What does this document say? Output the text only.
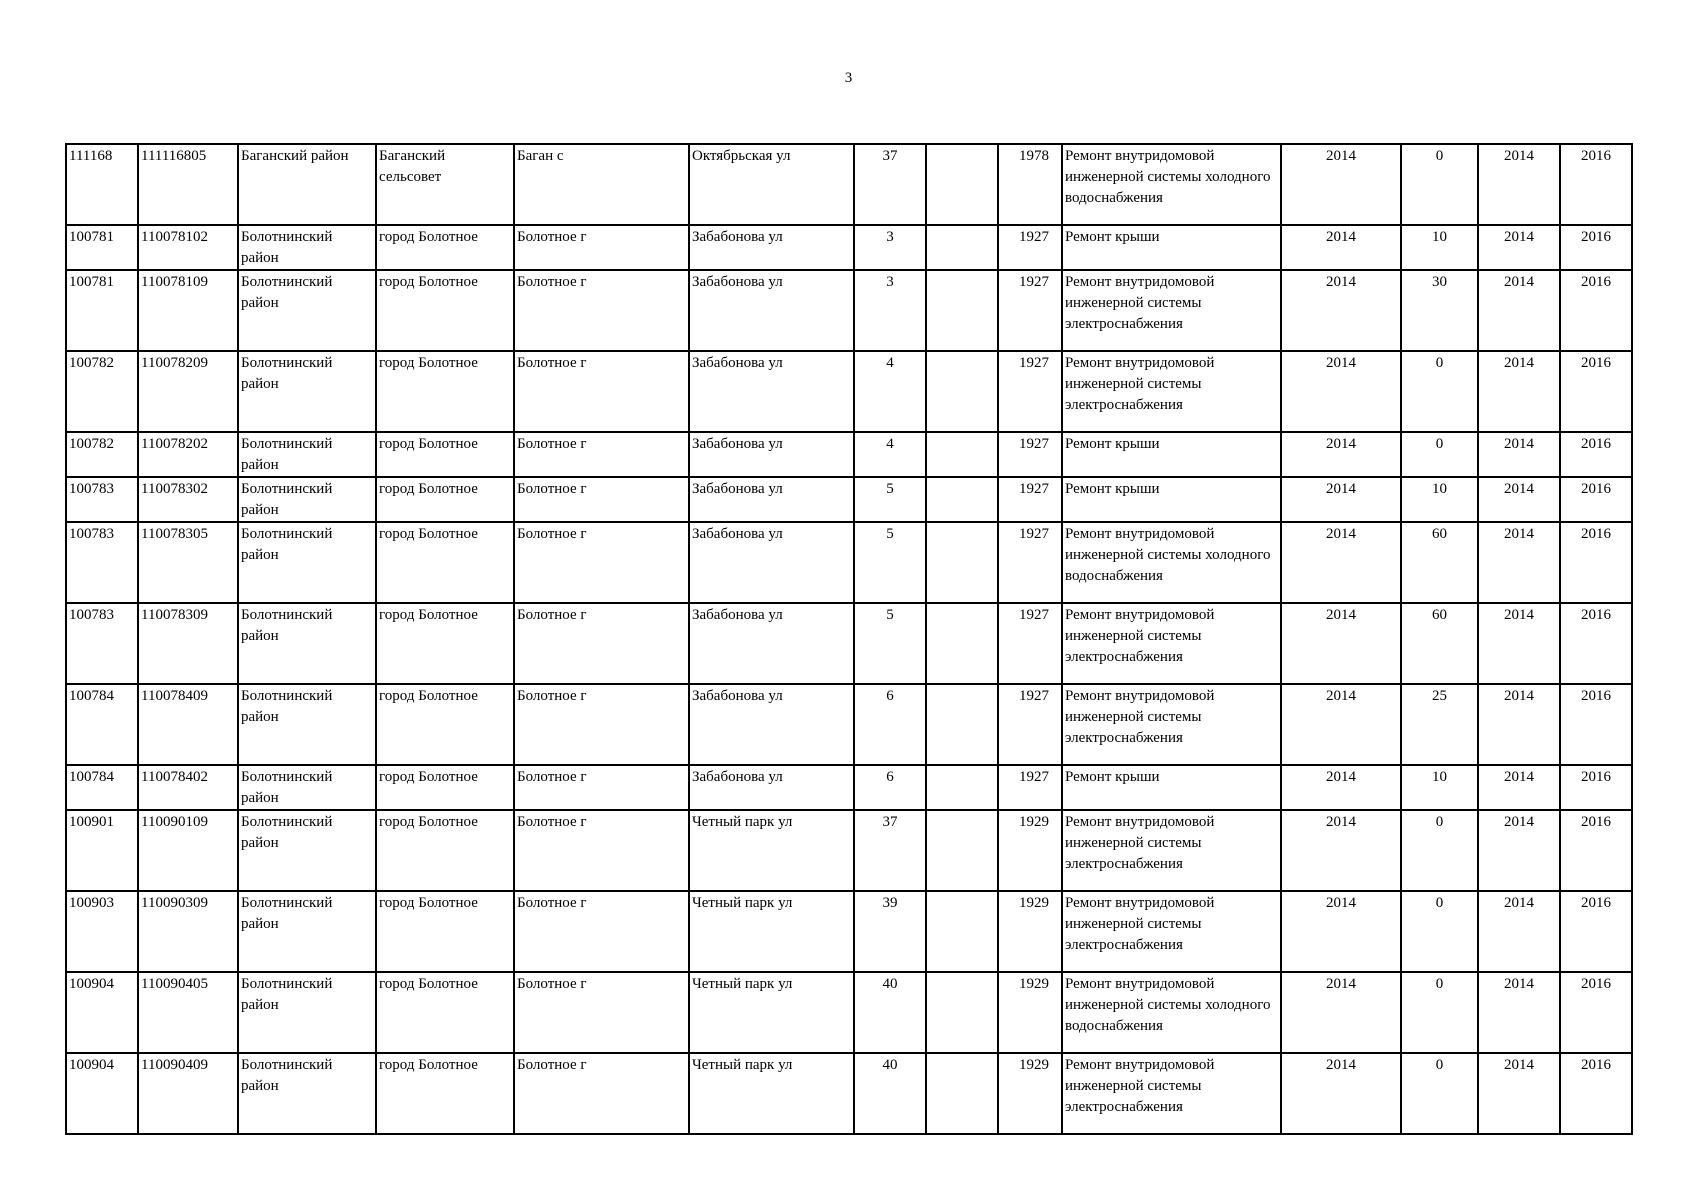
3
111168	111116805	Баганский район	Баганский сельсовет	Баган с	Октябрьская ул	37		1978	Ремонт внутридомовой инженерной системы холодного водоснабжения	2014	0	2014	2016
100781	110078102	Болотнинский район	город Болотное	Болотное г	Забабонова ул	3		1927	Ремонт крыши	2014	10	2014	2016
100781	110078109	Болотнинский район	город Болотное	Болотное г	Забабонова ул	3		1927	Ремонт внутридомовой инженерной системы электроснабжения	2014	30	2014	2016
100782	110078209	Болотнинский район	город Болотное	Болотное г	Забабонова ул	4		1927	Ремонт внутридомовой инженерной системы электроснабжения	2014	0	2014	2016
100782	110078202	Болотнинский район	город Болотное	Болотное г	Забабонова ул	4		1927	Ремонт крыши	2014	0	2014	2016
100783	110078302	Болотнинский район	город Болотное	Болотное г	Забабонова ул	5		1927	Ремонт крыши	2014	10	2014	2016
100783	110078305	Болотнинский район	город Болотное	Болотное г	Забабонова ул	5		1927	Ремонт внутридомовой инженерной системы холодного водоснабжения	2014	60	2014	2016
100783	110078309	Болотнинский район	город Болотное	Болотное г	Забабонова ул	5		1927	Ремонт внутридомовой инженерной системы электроснабжения	2014	60	2014	2016
100784	110078409	Болотнинский район	город Болотное	Болотное г	Забабонова ул	6		1927	Ремонт внутридомовой инженерной системы электроснабжения	2014	25	2014	2016
100784	110078402	Болотнинский район	город Болотное	Болотное г	Забабонова ул	6		1927	Ремонт крыши	2014	10	2014	2016
100901	110090109	Болотнинский район	город Болотное	Болотное г	Четный парк ул	37		1929	Ремонт внутридомовой инженерной системы электроснабжения	2014	0	2014	2016
100903	110090309	Болотнинский район	город Болотное	Болотное г	Четный парк ул	39		1929	Ремонт внутридомовой инженерной системы электроснабжения	2014	0	2014	2016
100904	110090405	Болотнинский район	город Болотное	Болотное г	Четный парк ул	40		1929	Ремонт внутридомовой инженерной системы холодного водоснабжения	2014	0	2014	2016
100904	110090409	Болотнинский район	город Болотное	Болотное г	Четный парк ул	40		1929	Ремонт внутридомовой инженерной системы электроснабжения	2014	0	2014	2016
